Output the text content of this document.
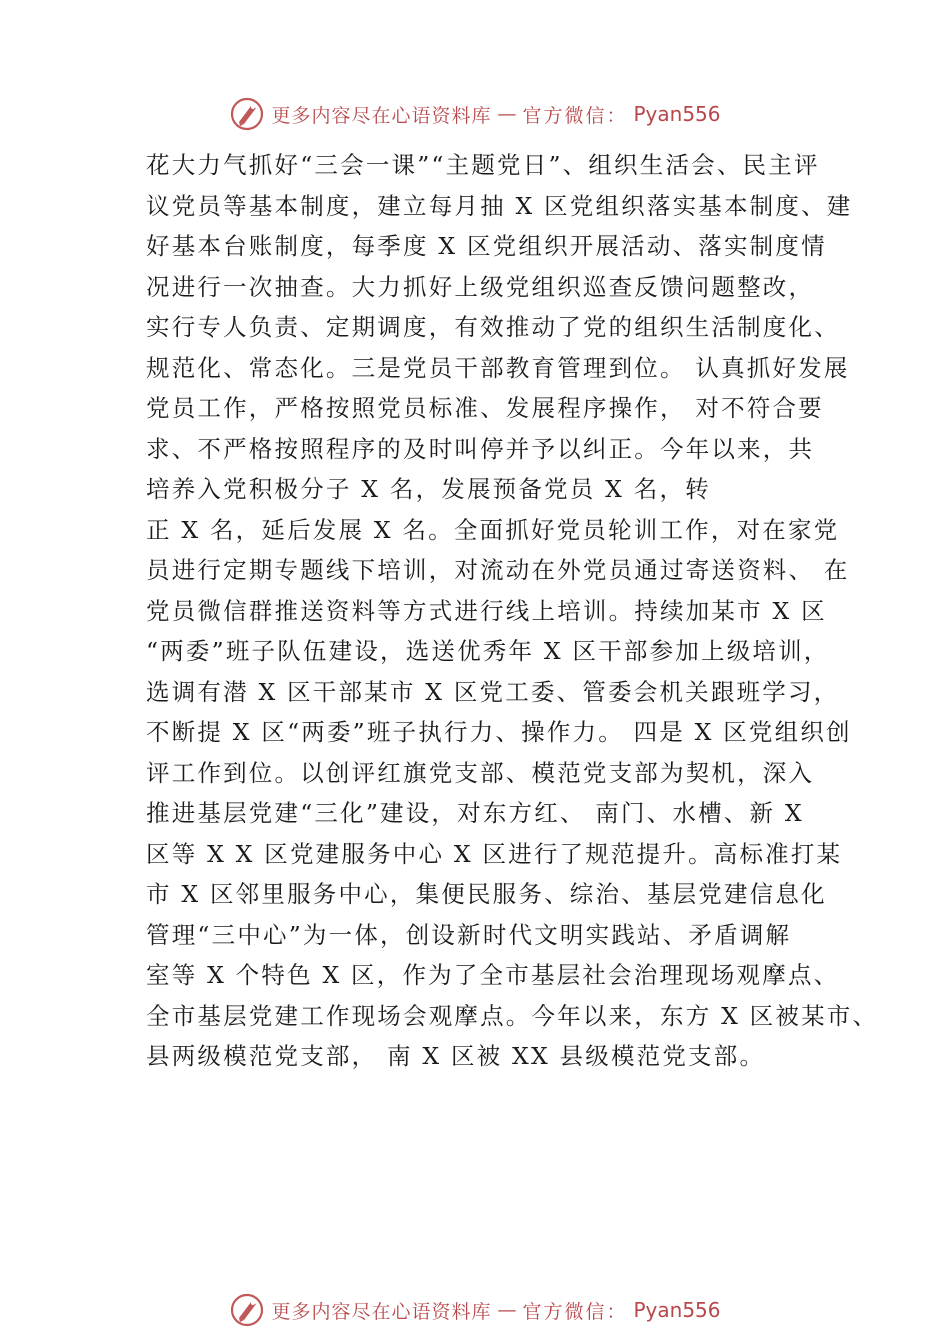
更多内容尽在心语资料库 — 官方微信： Pyan556
花大力气抓好“三会一课”“主题党日”、组织生活会、民主评
议党员等基本制度，建立每月抽 X 区党组织落实基本制度、建
好基本台账制度，每季度 X 区党组织开展活动、落实制度情
况进行一次抽查。大力抓好上级党组织巡查反馈问题整改，
实行专人负责、定期调度，有效推动了党的组织生活制度化、
规范化、常态化。三是党员干部教育管理到位。 认真抓好发展
党员工作，严格按照党员标准、发展程序操作， 对不符合要
求、不严格按照程序的及时叫停并予以纠正。今年以来，共
培养入党积极分子 X 名，发展预备党员 X 名，转
正 X 名，延后发展 X 名。全面抓好党员轮训工作，对在家党
员进行定期专题线下培训，对流动在外党员通过寄送资料、 在
党员微信群推送资料等方式进行线上培训。持续加某市 X 区
“两委”班子队伍建设，选送优秀年 X 区干部参加上级培训，
选调有潜 X 区干部某市 X 区党工委、管委会机关跟班学习，
不断提 X 区“两委”班子执行力、操作力。 四是 X 区党组织创
评工作到位。以创评红旗党支部、模范党支部为契机，深入
推进基层党建“三化”建设，对东方红、 南门、水槽、新 X
区等 X X 区党建服务中心 X 区进行了规范提升。高标准打某
市 X 区邻里服务中心，集便民服务、综治、基层党建信息化
管理“三中心”为一体，创设新时代文明实践站、矛盾调解
室等 X 个特色 X 区，作为了全市基层社会治理现场观摩点、
全市基层党建工作现场会观摩点。今年以来，东方 X 区被某市、
县两级模范党支部， 南 X 区被 XX 县级模范党支部。
更多内容尽在心语资料库 — 官方微信： Pyan556
